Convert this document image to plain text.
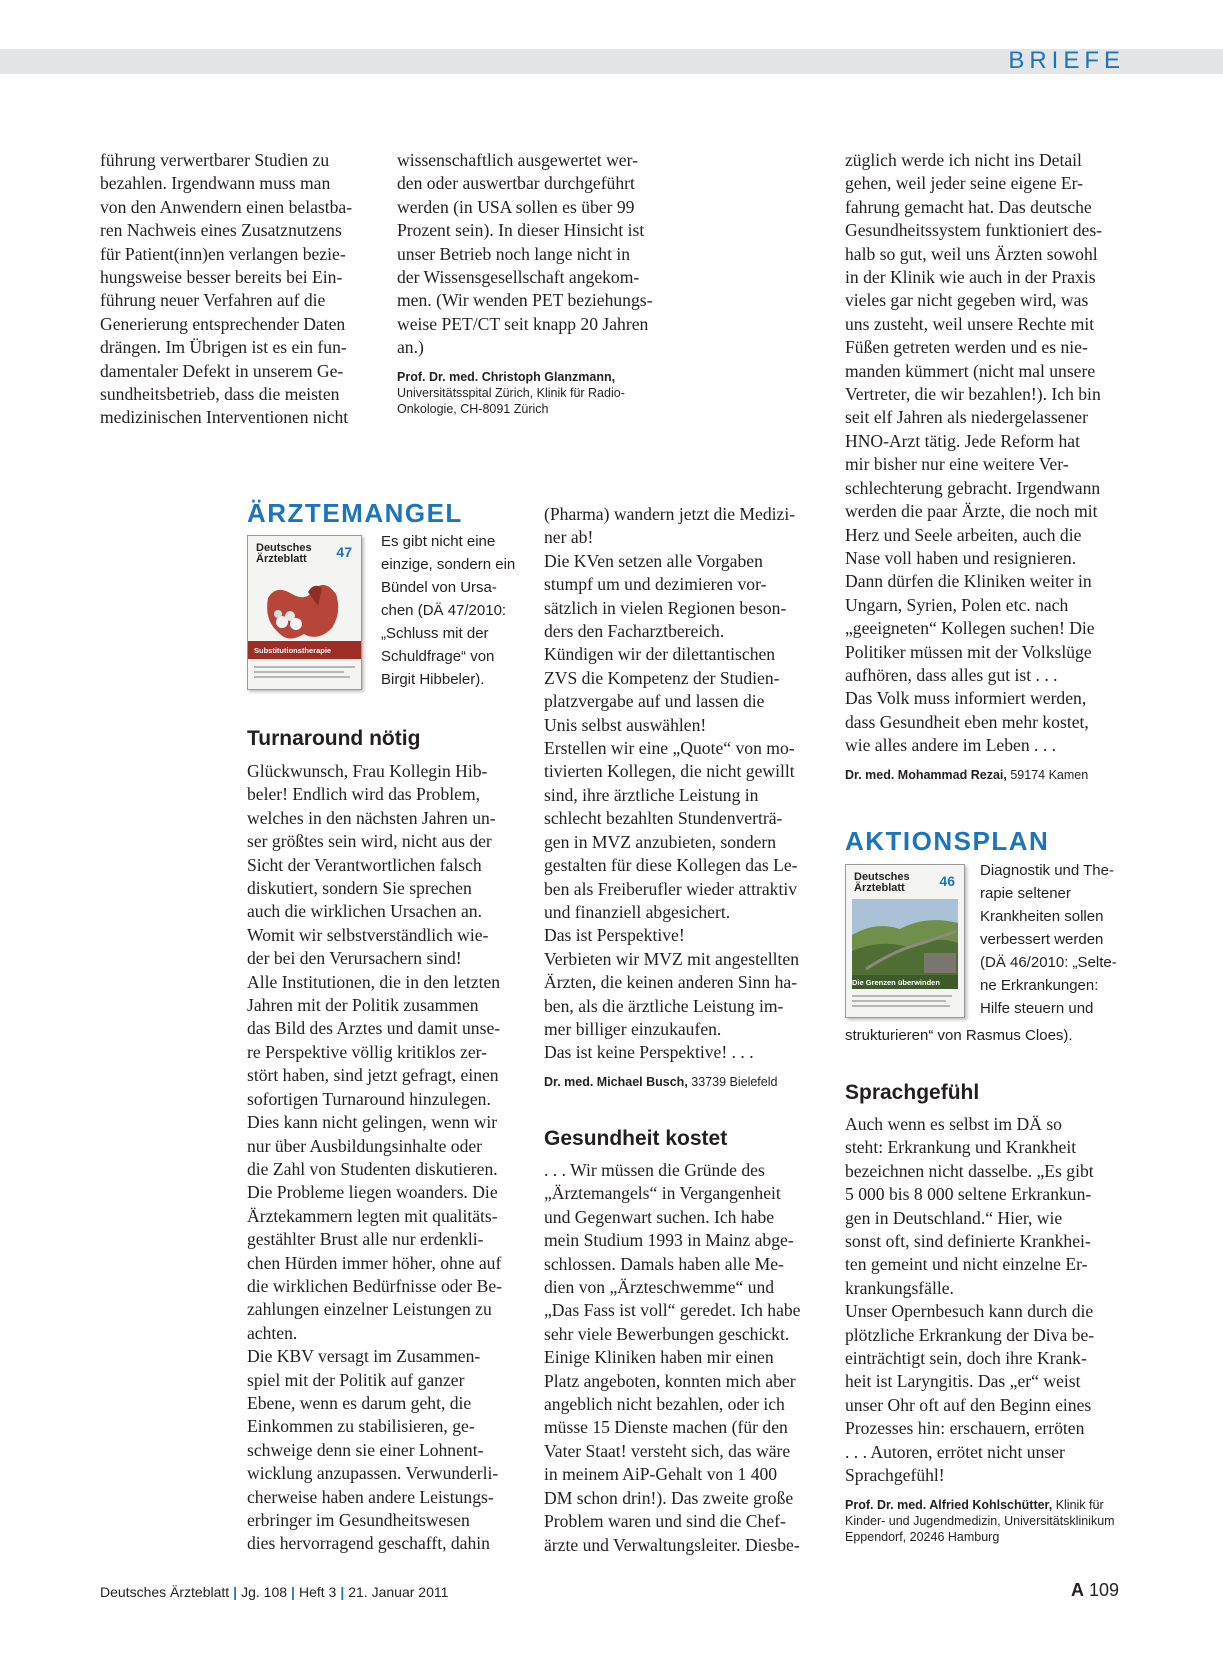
BRIEFE
führung verwertbarer Studien zu
bezahlen. Irgendwann muss man
von den Anwendern einen belastba-
ren Nachweis eines Zusatznutzens
für Patient(inn)en verlangen bezie-
hungsweise besser bereits bei Ein-
führung neuer Verfahren auf die
Generierung entsprechender Daten
drängen. Im Übrigen ist es ein fun-
damentaler Defekt in unserem Ge-
sundheitsbetrieb, dass die meisten
medizinischen Interventionen nicht
wissenschaftlich ausgewertet wer-
den oder auswertbar durchgeführt
werden (in USA sollen es über 99
Prozent sein). In dieser Hinsicht ist
unser Betrieb noch lange nicht in
der Wissensgesellschaft angekom-
men. (Wir wenden PET beziehungs-
weise PET/CT seit knapp 20 Jahren
an.)

Prof. Dr. med. Christoph Glanzmann,

Universitätsspital Zürich, Klinik für Radio-
Onkologie, CH-8091 Zürich

ÄRZTEMANGEL
Deutsches
Ärzteblatt	47
Substitutionstherapie
Es gibt nicht eine
einzige, sondern ein
Bündel von Ursa-
chen (DÄ 47/2010:
„Schluss mit der
Schuldfrage“ von
Birgit Hibbeler).
Turnaround nötig
Glückwunsch, Frau Kollegin Hib-
beler! Endlich wird das Problem,
welches in den nächsten Jahren un-
ser größtes sein wird, nicht aus der
Sicht der Verantwortlichen falsch
diskutiert, sondern Sie sprechen
auch die wirklichen Ursachen an.
Womit wir selbstverständlich wie-
der bei den Verursachern sind!
Alle Institutionen, die in den letzten
Jahren mit der Politik zusammen
das Bild des Arztes und damit unse-
re Perspektive völlig kritiklos zer-
stört haben, sind jetzt gefragt, einen
sofortigen Turnaround hinzulegen.
Dies kann nicht gelingen, wenn wir
nur über Ausbildungsinhalte oder
die Zahl von Studenten diskutieren.
Die Probleme liegen woanders. Die
Ärztekammern legten mit qualitäts-
gestählter Brust alle nur erdenkli-
chen Hürden immer höher, ohne auf
die wirklichen Bedürfnisse oder Be-
zahlungen einzelner Leistungen zu
achten.
Die KBV versagt im Zusammen-
spiel mit der Politik auf ganzer
Ebene, wenn es darum geht, die
Einkommen zu stabilisieren, ge-
schweige denn sie einer Lohnent-
wicklung anzupassen. Verwunderli-
cherweise haben andere Leistungs-
erbringer im Gesundheitswesen
dies hervorragend geschafft, dahin
(Pharma) wandern jetzt die Medizi-
ner ab!
Die KVen setzen alle Vorgaben
stumpf um und dezimieren vor-
sätzlich in vielen Regionen beson-
ders den Facharztbereich.
Kündigen wir der dilettantischen
ZVS die Kompetenz der Studien-
platzvergabe auf und lassen die
Unis selbst auswählen!
Erstellen wir eine „Quote“ von mo-
tivierten Kollegen, die nicht gewillt
sind, ihre ärztliche Leistung in
schlecht bezahlten Stundenverträ-
gen in MVZ anzubieten, sondern
gestalten für diese Kollegen das Le-
ben als Freiberufler wieder attraktiv
und finanziell abgesichert.
Das ist Perspektive!
Verbieten wir MVZ mit angestellten
Ärzten, die keinen anderen Sinn ha-
ben, als die ärztliche Leistung im-
mer billiger einzukaufen.
Das ist keine Perspektive! . . .

Dr. med. Michael Busch, 33739 Bielefeld

Gesundheit kostet
. . . Wir müssen die Gründe des
„Ärztemangels“ in Vergangenheit
und Gegenwart suchen. Ich habe
mein Studium 1993 in Mainz abge-
schlossen. Damals haben alle Me-
dien von „Ärzteschwemme“ und
„Das Fass ist voll“ geredet. Ich habe
sehr viele Bewerbungen geschickt.
Einige Kliniken haben mir einen
Platz angeboten, konnten mich aber
angeblich nicht bezahlen, oder ich
müsse 15 Dienste machen (für den
Vater Staat! versteht sich, das wäre
in meinem AiP-Gehalt von 1 400
DM schon drin!). Das zweite große
Problem waren und sind die Chef-
ärzte und Verwaltungsleiter. Diesbe-
züglich werde ich nicht ins Detail
gehen, weil jeder seine eigene Er-
fahrung gemacht hat. Das deutsche
Gesundheitssystem funktioniert des-
halb so gut, weil uns Ärzten sowohl
in der Klinik wie auch in der Praxis
vieles gar nicht gegeben wird, was
uns zusteht, weil unsere Rechte mit
Füßen getreten werden und es nie-
manden kümmert (nicht mal unsere
Vertreter, die wir bezahlen!). Ich bin
seit elf Jahren als niedergelassener
HNO-Arzt tätig. Jede Reform hat
mir bisher nur eine weitere Ver-
schlechterung gebracht. Irgendwann
werden die paar Ärzte, die noch mit
Herz und Seele arbeiten, auch die
Nase voll haben und resignieren.
Dann dürfen die Kliniken weiter in
Ungarn, Syrien, Polen etc. nach
„geeigneten“ Kollegen suchen! Die
Politiker müssen mit der Volkslüge
aufhören, dass alles gut ist . . .
Das Volk muss informiert werden,
dass Gesundheit eben mehr kostet,
wie alles andere im Leben . . .

Dr. med. Mohammad Rezai, 59174 Kamen

AKTIONSPLAN
Deutsches
Ärzteblatt	46
Die Grenzen überwinden
Diagnostik und The-
rapie seltener
Krankheiten sollen
verbessert werden
(DÄ 46/2010: „Selte-
ne Erkrankungen:
Hilfe steuern und
strukturieren“ von Rasmus Cloes).
Sprachgefühl
Auch wenn es selbst im DÄ so
steht: Erkrankung und Krankheit
bezeichnen nicht dasselbe. „Es gibt
5 000 bis 8 000 seltene Erkrankun-
gen in Deutschland.“ Hier, wie
sonst oft, sind definierte Krankhei-
ten gemeint und nicht einzelne Er-
krankungsfälle.
Unser Opernbesuch kann durch die
plötzliche Erkrankung der Diva be-
einträchtigt sein, doch ihre Krank-
heit ist Laryngitis. Das „er“ weist
unser Ohr oft auf den Beginn eines
Prozesses hin: erschauern, erröten
. . . Autoren, errötet nicht unser
Sprachgefühl!

Prof. Dr. med. Alfried Kohlschütter, Klinik für

Kinder- und Jugendmedizin, Universitätsklinikum
Eppendorf, 20246 Hamburg

Deutsches Ärzteblatt | Jg. 108 | Heft 3 | 21. Januar 2011	A 109
